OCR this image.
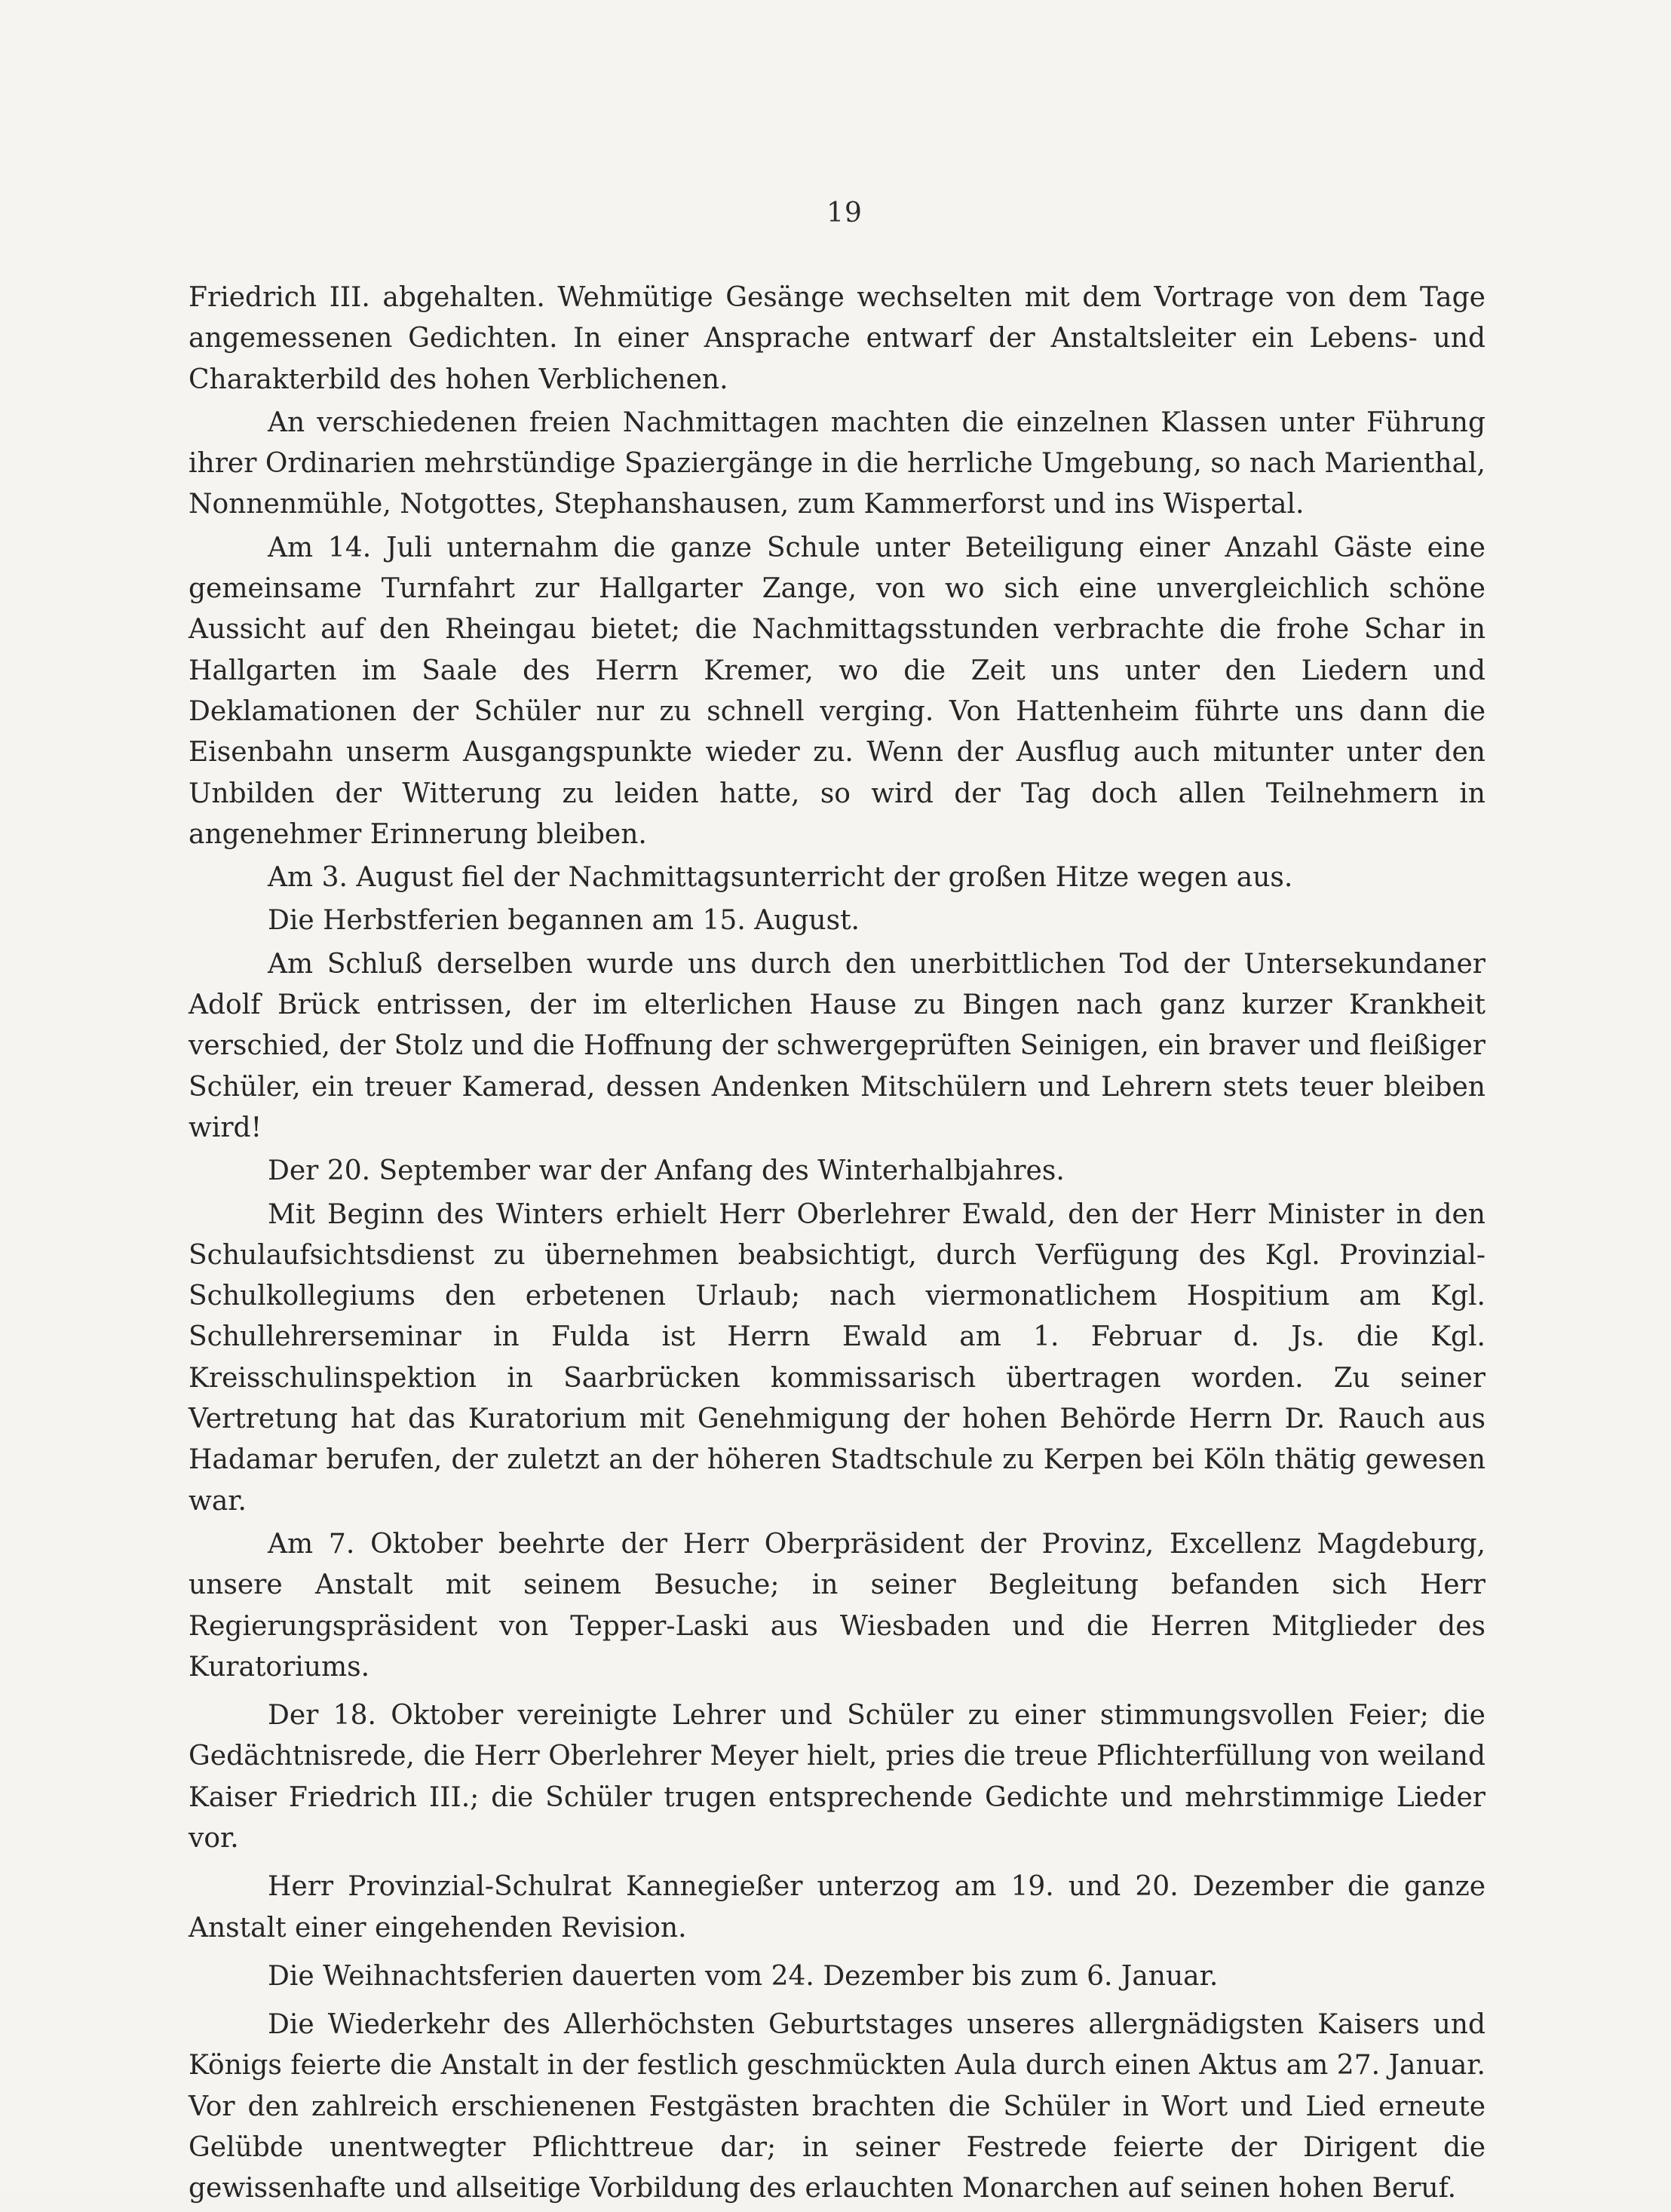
19

Friedrich III. abgehalten. Wehmütige Gesänge wechselten mit dem Vortrage von dem Tage angemessenen Gedichten. In einer Ansprache entwarf der Anstaltsleiter ein Lebens- und Charakterbild des hohen Verblichenen.

An verschiedenen freien Nachmittagen machten die einzelnen Klassen unter Führung ihrer Ordinarien mehrstündige Spaziergänge in die herrliche Umgebung, so nach Marienthal, Nonnenmühle, Notgottes, Stephanshausen, zum Kammerforst und ins Wispertal.

Am 14. Juli unternahm die ganze Schule unter Beteiligung einer Anzahl Gäste eine gemeinsame Turnfahrt zur Hallgarter Zange, von wo sich eine unvergleichlich schöne Aussicht auf den Rheingau bietet; die Nachmittagsstunden verbrachte die frohe Schar in Hallgarten im Saale des Herrn Kremer, wo die Zeit uns unter den Liedern und Deklamationen der Schüler nur zu schnell verging. Von Hattenheim führte uns dann die Eisenbahn unserm Ausgangspunkte wieder zu. Wenn der Ausflug auch mitunter unter den Unbilden der Witterung zu leiden hatte, so wird der Tag doch allen Teilnehmern in angenehmer Erinnerung bleiben.

Am 3. August fiel der Nachmittagsunterricht der großen Hitze wegen aus.

Die Herbstferien begannen am 15. August.

Am Schluß derselben wurde uns durch den unerbittlichen Tod der Untersekundaner Adolf Brück entrissen, der im elterlichen Hause zu Bingen nach ganz kurzer Krankheit verschied, der Stolz und die Hoffnung der schwergeprüften Seinigen, ein braver und fleißiger Schüler, ein treuer Kamerad, dessen Andenken Mitschülern und Lehrern stets teuer bleiben wird!

Der 20. September war der Anfang des Winterhalbjahres.

Mit Beginn des Winters erhielt Herr Oberlehrer Ewald, den der Herr Minister in den Schulaufsichtsdienst zu übernehmen beabsichtigt, durch Verfügung des Kgl. Provinzial-Schulkollegiums den erbetenen Urlaub; nach viermonatlichem Hospitium am Kgl. Schullehrerseminar in Fulda ist Herrn Ewald am 1. Februar d. Js. die Kgl. Kreisschulinspektion in Saarbrücken kommissarisch übertragen worden. Zu seiner Vertretung hat das Kuratorium mit Genehmigung der hohen Behörde Herrn Dr. Rauch aus Hadamar berufen, der zuletzt an der höheren Stadtschule zu Kerpen bei Köln thätig gewesen war.

Am 7. Oktober beehrte der Herr Oberpräsident der Provinz, Excellenz Magdeburg, unsere Anstalt mit seinem Besuche; in seiner Begleitung befanden sich Herr Regierungspräsident von Tepper-Laski aus Wiesbaden und die Herren Mitglieder des Kuratoriums.

Der 18. Oktober vereinigte Lehrer und Schüler zu einer stimmungsvollen Feier; die Gedächtnisrede, die Herr Oberlehrer Meyer hielt, pries die treue Pflichterfüllung von weiland Kaiser Friedrich III.; die Schüler trugen entsprechende Gedichte und mehrstimmige Lieder vor.

Herr Provinzial-Schulrat Kannegießer unterzog am 19. und 20. Dezember die ganze Anstalt einer eingehenden Revision.

Die Weihnachtsferien dauerten vom 24. Dezember bis zum 6. Januar.

Die Wiederkehr des Allerhöchsten Geburtstages unseres allergnädigsten Kaisers und Königs feierte die Anstalt in der festlich geschmückten Aula durch einen Aktus am 27. Januar. Vor den zahlreich erschienenen Festgästen brachten die Schüler in Wort und Lied erneute Gelübde unentwegter Pflichttreue dar; in seiner Festrede feierte der Dirigent die gewissenhafte und allseitige Vorbildung des erlauchten Monarchen auf seinen hohen Beruf.
